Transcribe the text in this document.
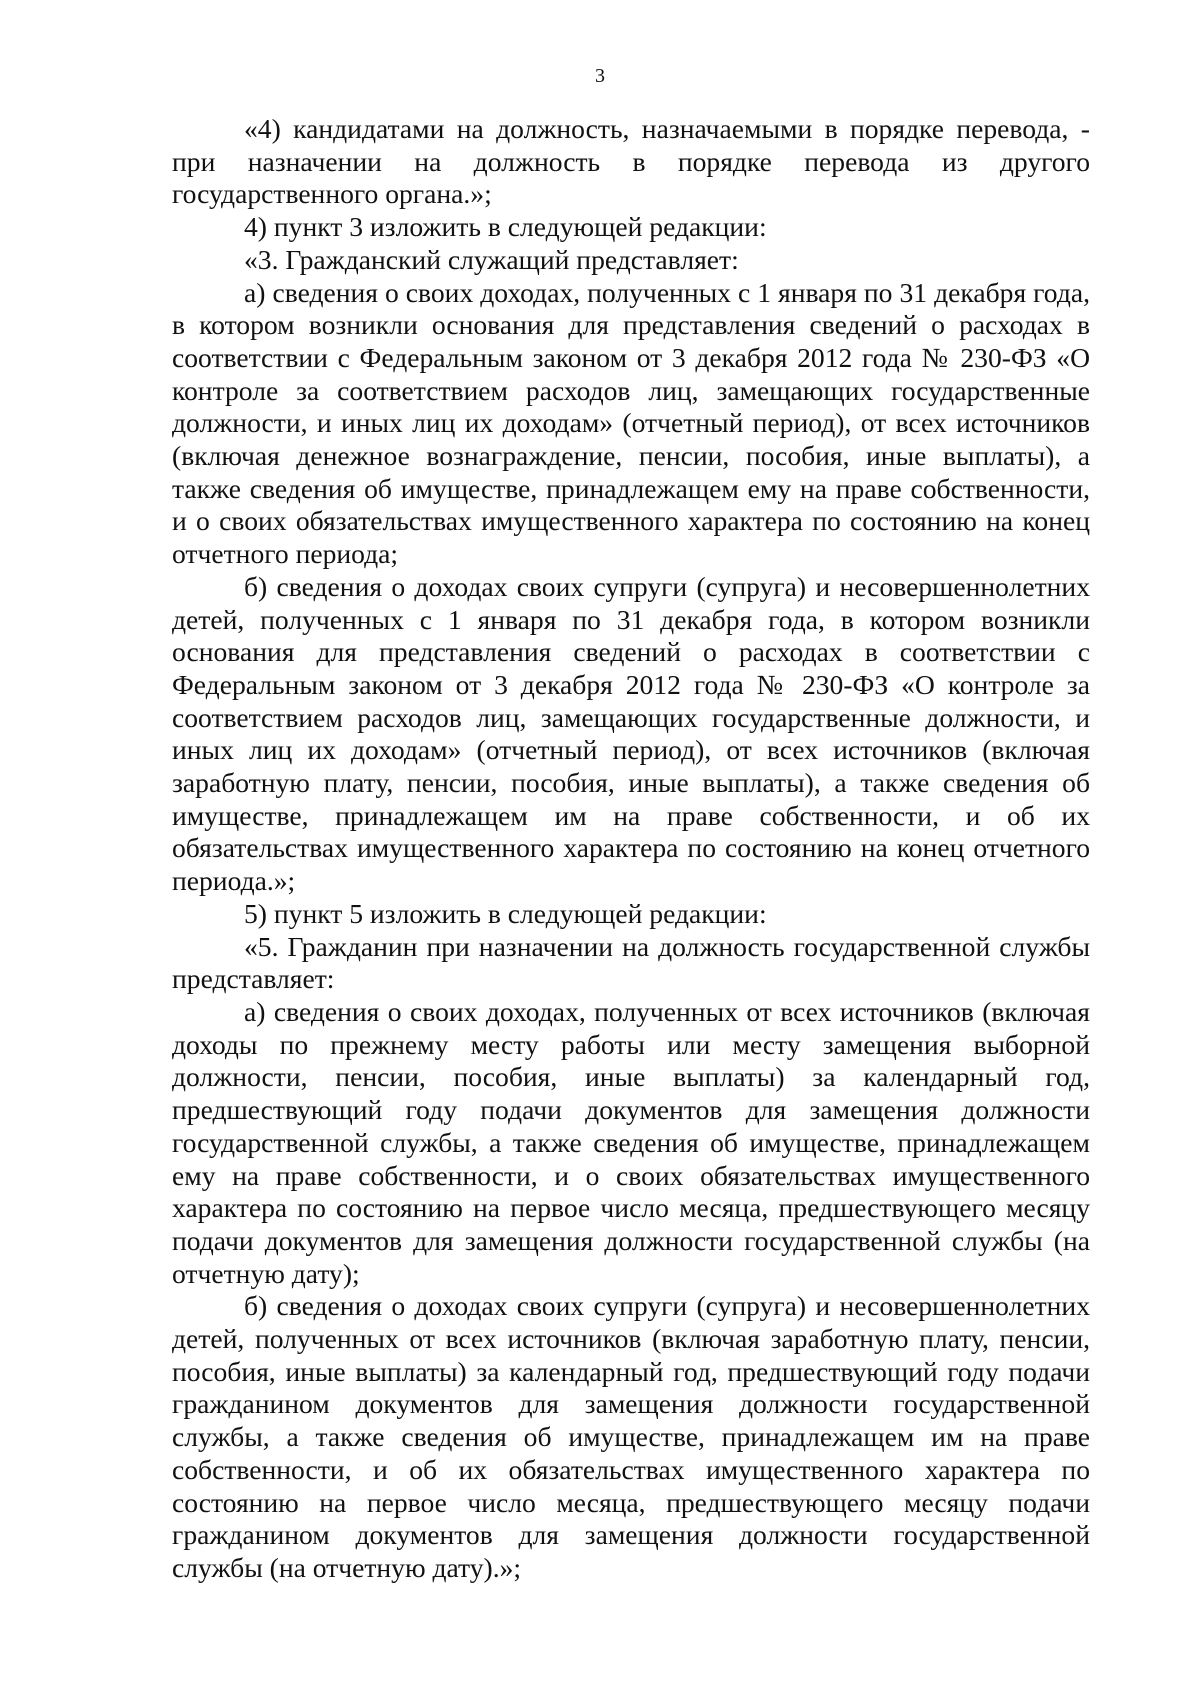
3

«4) кандидатами на должность, назначаемыми в порядке перевода, - при назначении на должность в порядке перевода из другого государственного органа.»;

4) пункт 3 изложить в следующей редакции:

«3. Гражданский служащий представляет:

а) сведения о своих доходах, полученных с 1 января по 31 декабря года, в котором возникли основания для представления сведений о расходах в соответствии с Федеральным законом от 3 декабря 2012 года № 230-ФЗ «О контроле за соответствием расходов лиц, замещающих государственные должности, и иных лиц их доходам» (отчетный период), от всех источников (включая денежное вознаграждение, пенсии, пособия, иные выплаты), а также сведения об имуществе, принадлежащем ему на праве собственности, и о своих обязательствах имущественного характера по состоянию на конец отчетного периода;

б) сведения о доходах своих супруги (супруга) и несовершеннолетних детей, полученных с 1 января по 31 декабря года, в котором возникли основания для представления сведений о расходах в соответствии с Федеральным законом от 3 декабря 2012 года № 230-ФЗ «О контроле за соответствием расходов лиц, замещающих государственные должности, и иных лиц их доходам» (отчетный период), от всех источников (включая заработную плату, пенсии, пособия, иные выплаты), а также сведения об имуществе, принадлежащем им на праве собственности, и об их обязательствах имущественного характера по состоянию на конец отчетного периода.»;

5) пункт 5 изложить в следующей редакции:

«5. Гражданин при назначении на должность государственной службы представляет:

а) сведения о своих доходах, полученных от всех источников (включая доходы по прежнему месту работы или месту замещения выборной должности, пенсии, пособия, иные выплаты) за календарный год, предшествующий году подачи документов для замещения должности государственной службы, а также сведения об имуществе, принадлежащем ему на праве собственности, и о своих обязательствах имущественного характера по состоянию на первое число месяца, предшествующего месяцу подачи документов для замещения должности государственной службы (на отчетную дату);

б) сведения о доходах своих супруги (супруга) и несовершеннолетних детей, полученных от всех источников (включая заработную плату, пенсии, пособия, иные выплаты) за календарный год, предшествующий году подачи гражданином документов для замещения должности государственной службы, а также сведения об имуществе, принадлежащем им на праве собственности, и об их обязательствах имущественного характера по состоянию на первое число месяца, предшествующего месяцу подачи гражданином документов для замещения должности государственной службы (на отчетную дату).»;
